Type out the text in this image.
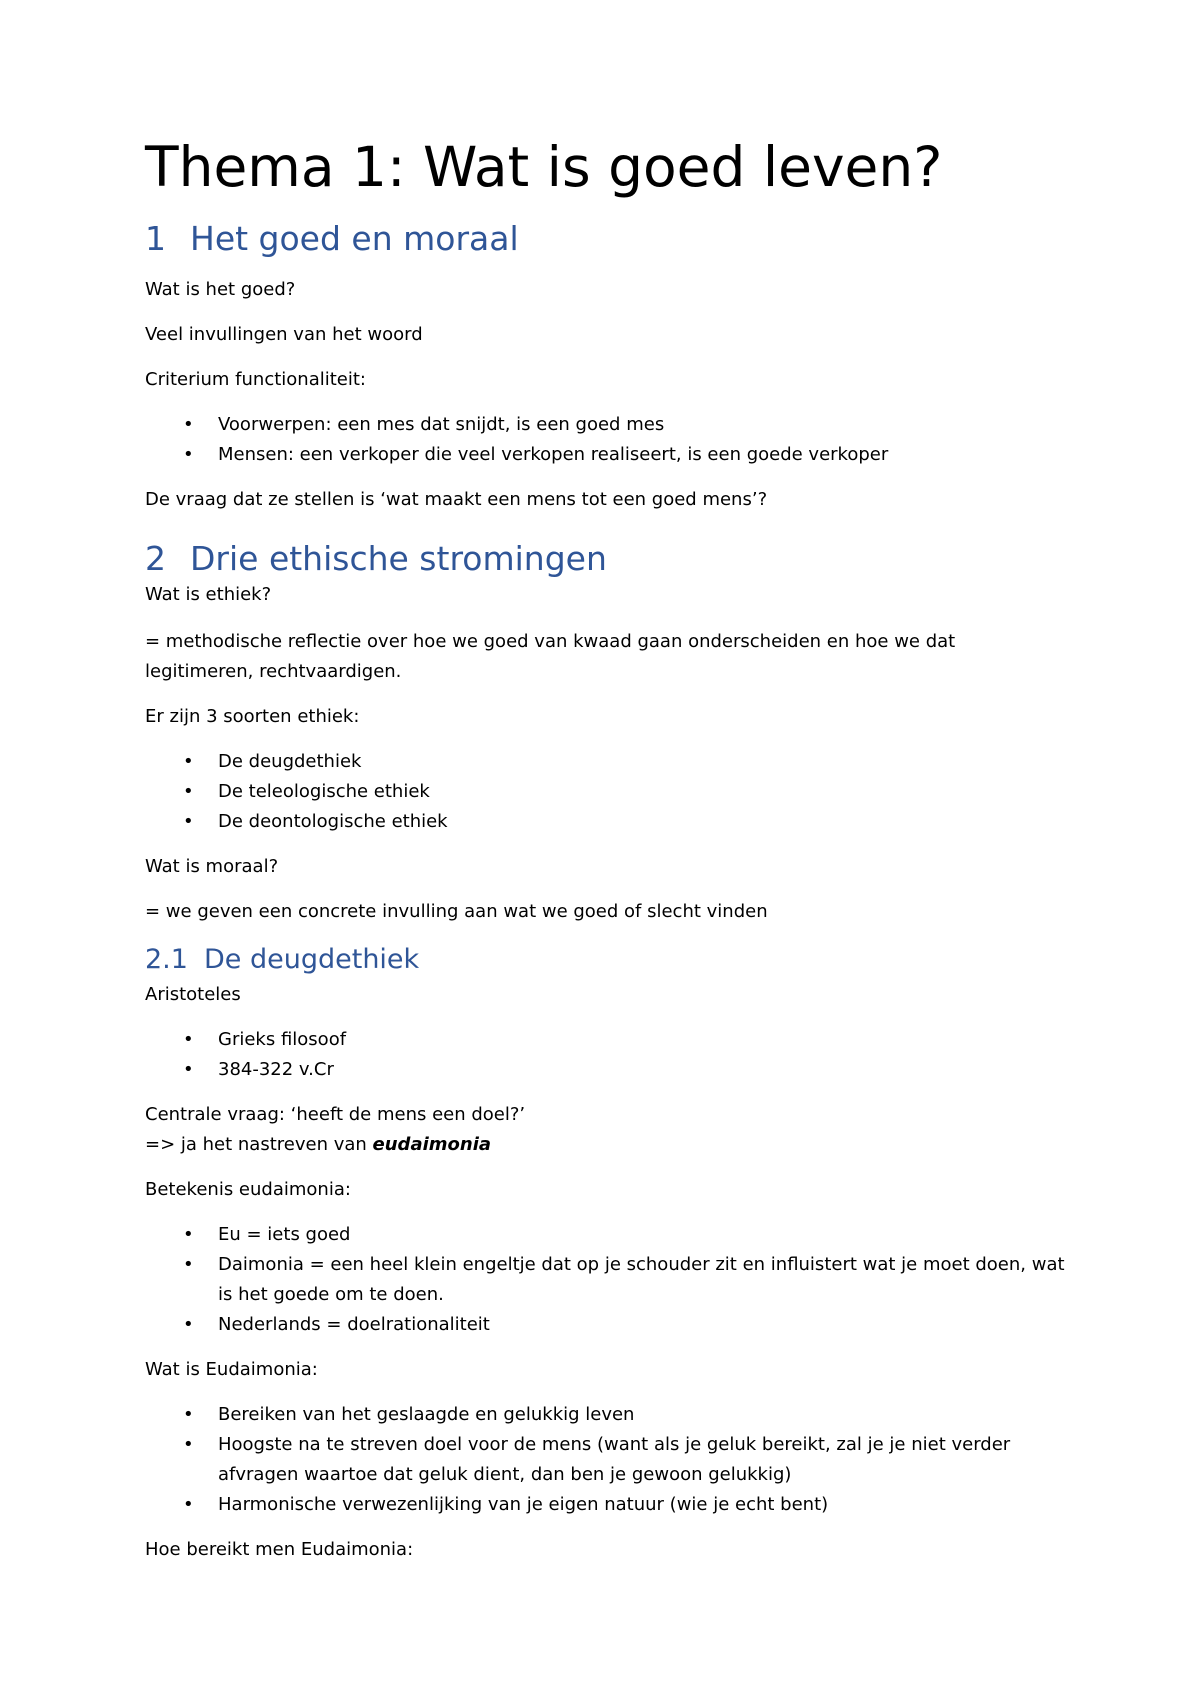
Thema 1: Wat is goed leven?
1 Het goed en moraal

Wat is het goed?

Veel invullingen van het woord

Criterium functionaliteit:

• Voorwerpen: een mes dat snijdt, is een goed mes
• Mensen: een verkoper die veel verkopen realiseert, is een goede verkoper

De vraag dat ze stellen is ‘wat maakt een mens tot een goed mens’?

2 Drie ethische stromingen

Wat is ethiek?

= methodische reflectie over hoe we goed van kwaad gaan onderscheiden en hoe we dat legitimeren, rechtvaardigen.

Er zijn 3 soorten ethiek:

• De deugdethiek
• De teleologische ethiek
• De deontologische ethiek

Wat is moraal?

= we geven een concrete invulling aan wat we goed of slecht vinden

2.1 De deugdethiek

Aristoteles

• Grieks filosoof
• 384-322 v.Cr

Centrale vraag: ‘heeft de mens een doel?’

=> ja het nastreven van eudaimonia

Betekenis eudaimonia:

• Eu = iets goed
• Daimonia = een heel klein engeltje dat op je schouder zit en influistert wat je moet doen, wat is het goede om te doen.
• Nederlands = doelrationaliteit

Wat is Eudaimonia:

• Bereiken van het geslaagde en gelukkig leven
• Hoogste na te streven doel voor de mens (want als je geluk bereikt, zal je je niet verder afvragen waartoe dat geluk dient, dan ben je gewoon gelukkig)
• Harmonische verwezenlijking van je eigen natuur (wie je echt bent)

Hoe bereikt men Eudaimonia:
